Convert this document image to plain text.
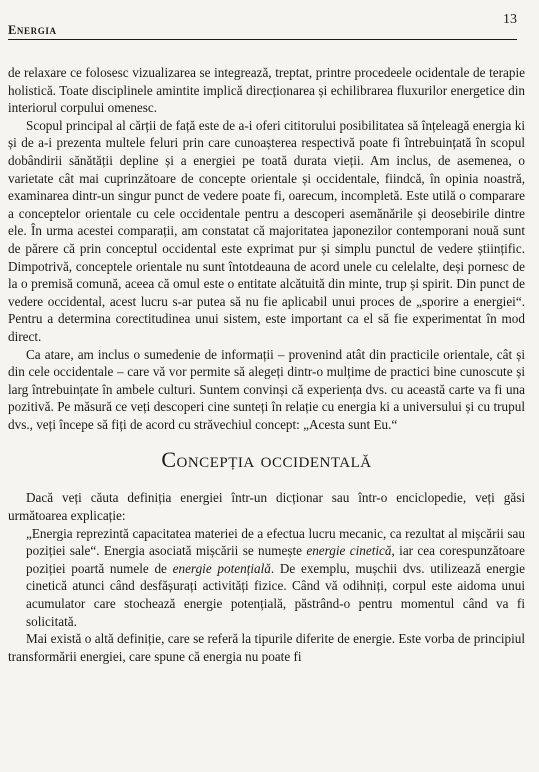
Energia
13

de relaxare ce folosesc vizualizarea se integrează, treptat, printre procedeele ocidentale de terapie holistică. Toate disciplinele amintite implică direcționarea și echilibrarea fluxurilor energetice din interiorul corpului omenesc.

Scopul principal al cărții de față este de a-i oferi cititorului posibilitatea să înțeleagă energia ki și de a-i prezenta multele feluri prin care cunoașterea respectivă poate fi întrebuințată în scopul dobândirii sănătății depline și a energiei pe toată durata vieții. Am inclus, de asemenea, o varietate cât mai cuprinzătoare de concepte orientale și occidentale, fiindcă, în opinia noastră, examinarea dintr-un singur punct de vedere poate fi, oarecum, incompletă. Este utilă o comparare a conceptelor orientale cu cele occidentale pentru a descoperi asemănările și deosebirile dintre ele. În urma acestei comparații, am constatat că majoritatea japonezilor contemporani nouă sunt de părere că prin conceptul occidental este exprimat pur și simplu punctul de vedere științific. Dimpotrivă, conceptele orientale nu sunt întotdeauna de acord unele cu celelalte, deși pornesc de la o premisă comună, aceea că omul este o entitate alcătuită din minte, trup și spirit. Din punct de vedere occidental, acest lucru s-ar putea să nu fie aplicabil unui proces de „sporire a energiei“. Pentru a determina corectitudinea unui sistem, este important ca el să fie experimentat în mod direct.

Ca atare, am inclus o sumedenie de informații – provenind atât din practicile orientale, cât și din cele occidentale – care vă vor permite să alegeți dintr-o mulțime de practici bine cunoscute și larg întrebuințate în ambele culturi. Suntem convinși că experiența dvs. cu această carte va fi una pozitivă. Pe măsură ce veți descoperi cine sunteți în relație cu energia ki a universului și cu trupul dvs., veți începe să fiți de acord cu străvechiul concept: „Acesta sunt Eu.“

Concepția occidentală

Dacă veți căuta definiția energiei într-un dicționar sau într-o enciclopedie, veți găsi următoarea explicație:

„Energia reprezintă capacitatea materiei de a efectua lucru mecanic, ca rezultat al mișcării sau poziției sale“. Energia asociată mișcării se numește energie cinetică, iar cea corespunzătoare poziției poartă numele de energie potențială. De exemplu, mușchii dvs. utilizează energie cinetică atunci când desfășurați activități fizice. Când vă odihniți, corpul este aidoma unui acumulator care stochează energie potențială, păstrând-o pentru momentul când va fi solicitată.

Mai există o altă definiție, care se referă la tipurile diferite de energie. Este vorba de principiul transformării energiei, care spune că energia nu poate fi
